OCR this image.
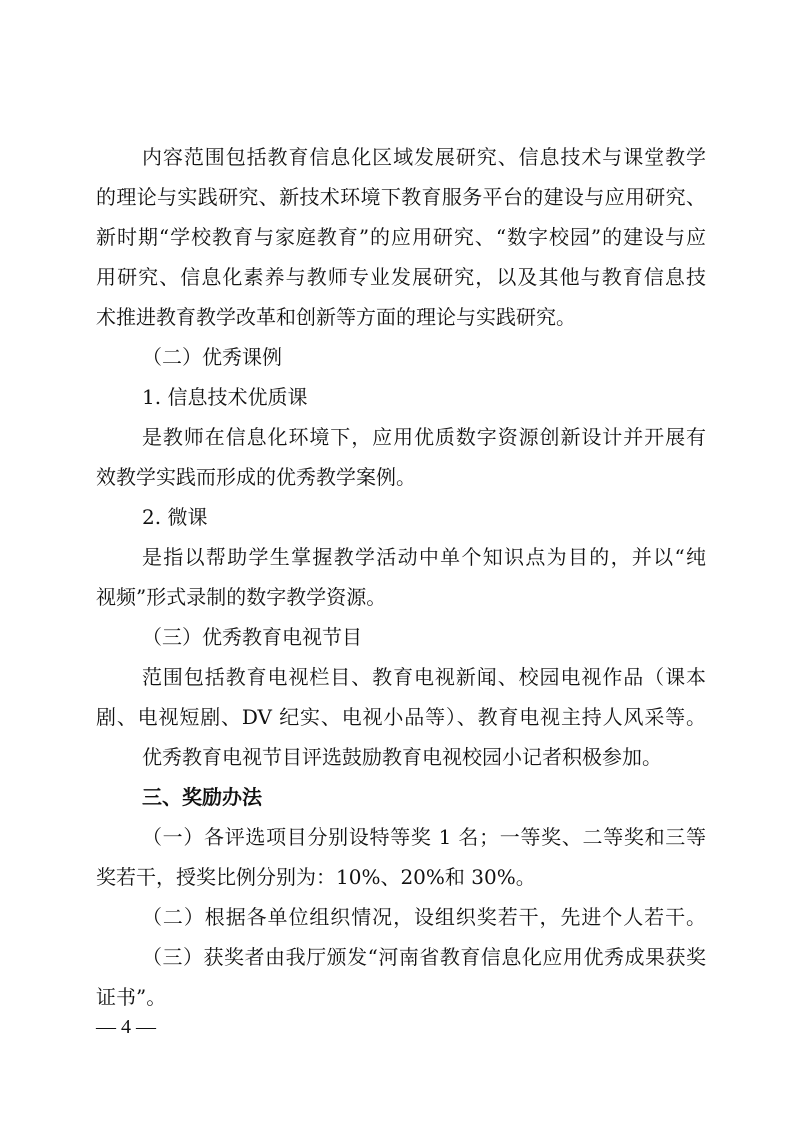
内容范围包括教育信息化区域发展研究、信息技术与课堂教学
的理论与实践研究、新技术环境下教育服务平台的建设与应用研究、
新时期“学校教育与家庭教育”的应用研究、“数字校园”的建设与应
用研究、信息化素养与教师专业发展研究，以及其他与教育信息技
术推进教育教学改革和创新等方面的理论与实践研究。
（二）优秀课例
1. 信息技术优质课
是教师在信息化环境下，应用优质数字资源创新设计并开展有
效教学实践而形成的优秀教学案例。
2. 微课
是指以帮助学生掌握教学活动中单个知识点为目的，并以“纯
视频”形式录制的数字教学资源。
（三）优秀教育电视节目
范围包括教育电视栏目、教育电视新闻、校园电视作品（课本
剧、电视短剧、DV 纪实、电视小品等）、教育电视主持人风采等。
优秀教育电视节目评选鼓励教育电视校园小记者积极参加。
三、奖励办法
（一）各评选项目分别设特等奖 1 名；一等奖、二等奖和三等
奖若干，授奖比例分别为：10%、20%和 30%。
（二）根据各单位组织情况，设组织奖若干，先进个人若干。
（三）获奖者由我厅颁发“河南省教育信息化应用优秀成果获奖
证书”。
— 4 —
